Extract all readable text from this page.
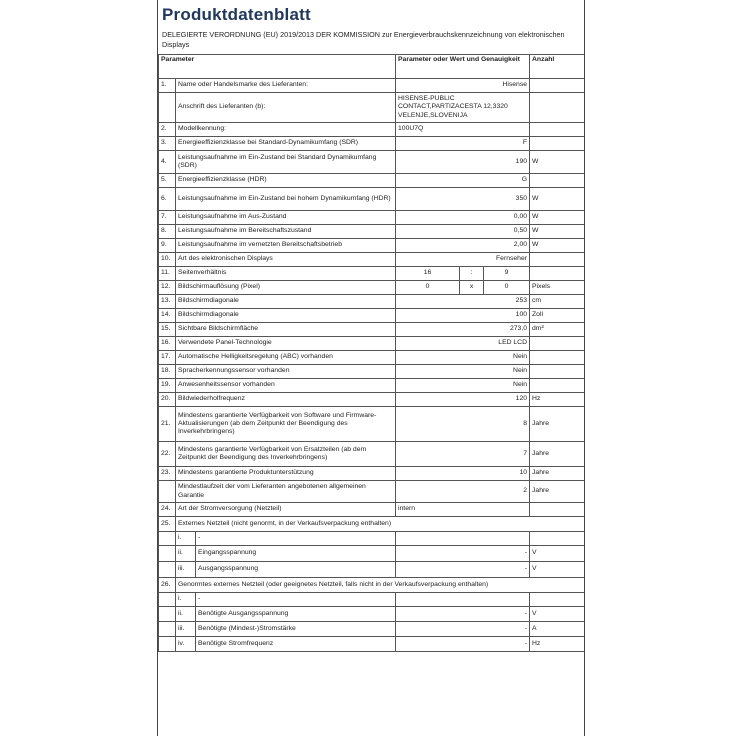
Produktdatenblatt
DELEGIERTE VERORDNUNG (EU) 2019/2013 DER KOMMISSION zur Energieverbrauchskennzeichnung von elektronischen Displays
Parameter			Parameter oder Wert und Genauigkeit			Anzahl
1.	Name oder Handelsmarke des Lieferanten:		Hisense			
	Anschrift des Lieferanten (b):		HISENSE-PUBLIC CONTACT,PARTIZACESTA 12,3320 VELENJE,SLOVENIJA			
2.	Modellkennung:		100U7Q			
3.	Energieeffizienzklasse bei Standard-Dynamikumfang (SDR)		F			
4.	Leistungsaufnahme im Ein-Zustand bei Standard Dynamikumfang (SDR)		190			W
5.	Energieeffizienzklasse (HDR)		G			
6.	Leistungsaufnahme im Ein-Zustand bei hohem Dynamikumfang (HDR)		350			W
7.	Leistungsaufnahme im Aus-Zustand		0,00			W
8.	Leistungsaufnahme im Bereitschaftszustand		0,50			W
9.	Leistungsaufnahme im vernetzten Bereitschaftsbetrieb		2,00			W
10.	Art des elektronischen Displays		Fernseher			
11.	Seitenverhältnis		16	:	9	
12.	Bildschirmauflösung (Pixel)		0	x	0	Pixels
13.	Bildschirmdiagonale		253			cm
14.	Bildschirmdiagonale		100			Zoll
15.	Sichtbare Bildschirmfläche		273,0			dm²
16.	Verwendete Panel-Technologie		LED LCD			
17.	Automatische Helligkeitsregelung (ABC) vorhanden		Nein			
18.	Spracherkennungssensor vorhanden		Nein			
19.	Anwesenheitssensor vorhanden		Nein			
20.	Bildwiederholfrequenz		120			Hz
21.	Mindestens garantierte Verfügbarkeit von Software und Firmware-Aktualisierungen (ab dem Zeitpunkt der Beendigung des Inverkehrbringens)		8			Jahre
22.	Mindestens garantierte Verfügbarkeit von Ersatzteilen (ab dem Zeitpunkt der Beendigung des Inverkehrbringens)		7			Jahre
23.	Mindestens garantierte Produktunterstützung		10			Jahre
	Mindestlaufzeit der vom Lieferanten angebotenen allgemeinen Garantie		2			Jahre
24.	Art der Stromversorgung (Netzteil)		intern			
25.	Externes Netzteil (nicht genormt, in der Verkaufsverpackung enthalten)					
	i.	-				
	ii.	Eingangsspannung	-			V
	iii.	Ausgangsspannung	-			V
26.	Genormtes externes Netzteil (oder geeignetes Netzteil, falls nicht in der Verkaufsverpackung enthalten)					
	i.	-				
	ii.	Benötigte Ausgangsspannung	-			V
	iii.	Benötigte (Mindest-)Stromstärke	-			A
	iv.	Benötigte Stromfrequenz	-			Hz
